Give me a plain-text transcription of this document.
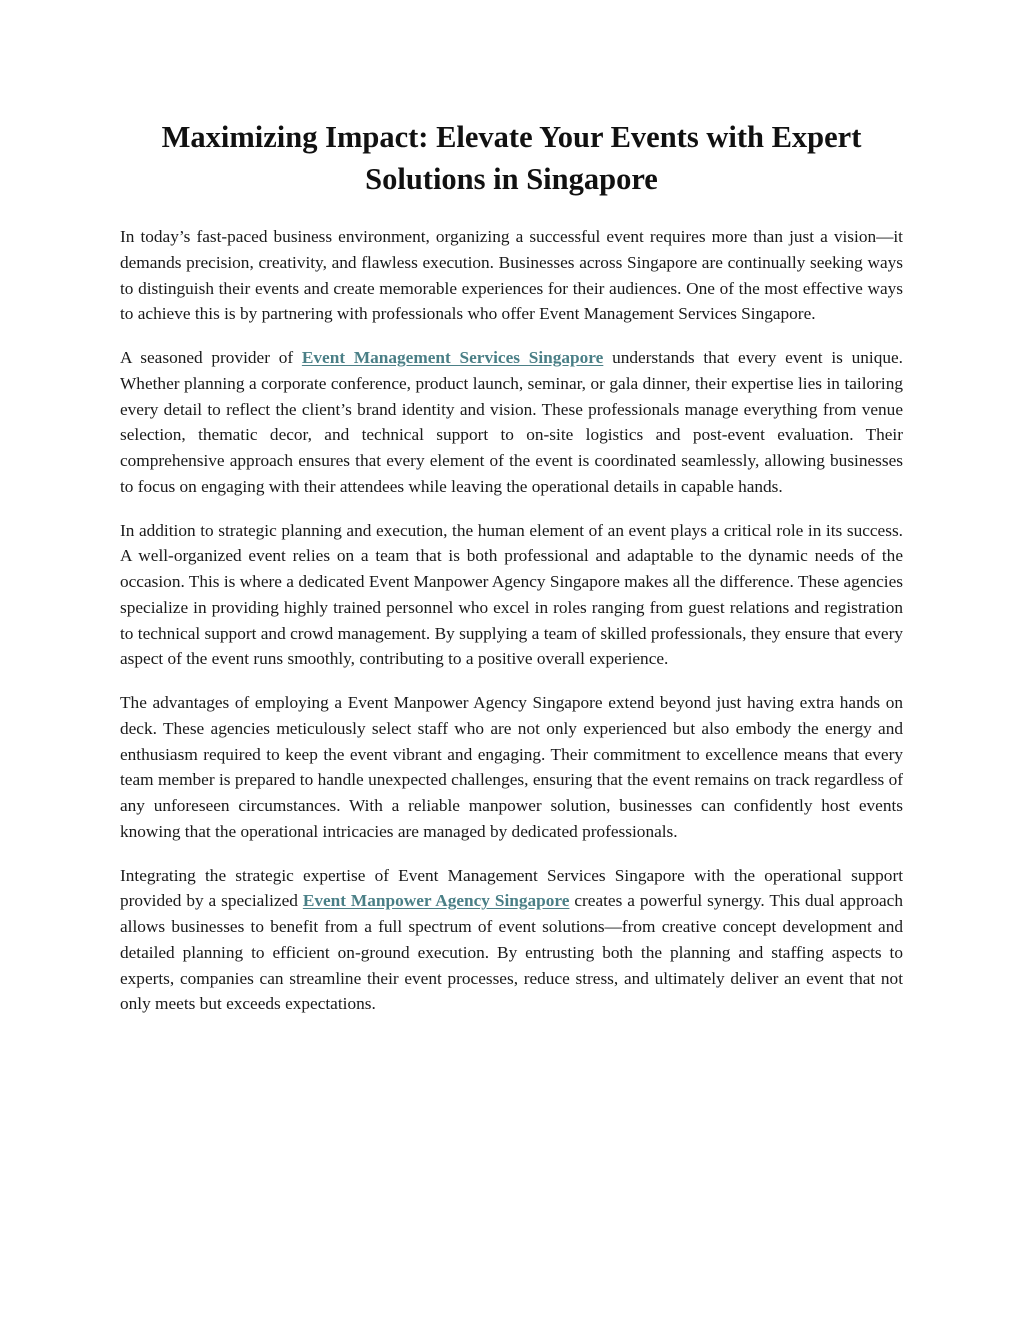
Maximizing Impact: Elevate Your Events with Expert Solutions in Singapore

In today’s fast-paced business environment, organizing a successful event requires more than just a vision—it demands precision, creativity, and flawless execution. Businesses across Singapore are continually seeking ways to distinguish their events and create memorable experiences for their audiences. One of the most effective ways to achieve this is by partnering with professionals who offer Event Management Services Singapore.

A seasoned provider of Event Management Services Singapore understands that every event is unique. Whether planning a corporate conference, product launch, seminar, or gala dinner, their expertise lies in tailoring every detail to reflect the client’s brand identity and vision. These professionals manage everything from venue selection, thematic decor, and technical support to on-site logistics and post-event evaluation. Their comprehensive approach ensures that every element of the event is coordinated seamlessly, allowing businesses to focus on engaging with their attendees while leaving the operational details in capable hands.

In addition to strategic planning and execution, the human element of an event plays a critical role in its success. A well-organized event relies on a team that is both professional and adaptable to the dynamic needs of the occasion. This is where a dedicated Event Manpower Agency Singapore makes all the difference. These agencies specialize in providing highly trained personnel who excel in roles ranging from guest relations and registration to technical support and crowd management. By supplying a team of skilled professionals, they ensure that every aspect of the event runs smoothly, contributing to a positive overall experience.

The advantages of employing a Event Manpower Agency Singapore extend beyond just having extra hands on deck. These agencies meticulously select staff who are not only experienced but also embody the energy and enthusiasm required to keep the event vibrant and engaging. Their commitment to excellence means that every team member is prepared to handle unexpected challenges, ensuring that the event remains on track regardless of any unforeseen circumstances. With a reliable manpower solution, businesses can confidently host events knowing that the operational intricacies are managed by dedicated professionals.

Integrating the strategic expertise of Event Management Services Singapore with the operational support provided by a specialized Event Manpower Agency Singapore creates a powerful synergy. This dual approach allows businesses to benefit from a full spectrum of event solutions—from creative concept development and detailed planning to efficient on-ground execution. By entrusting both the planning and staffing aspects to experts, companies can streamline their event processes, reduce stress, and ultimately deliver an event that not only meets but exceeds expectations.
